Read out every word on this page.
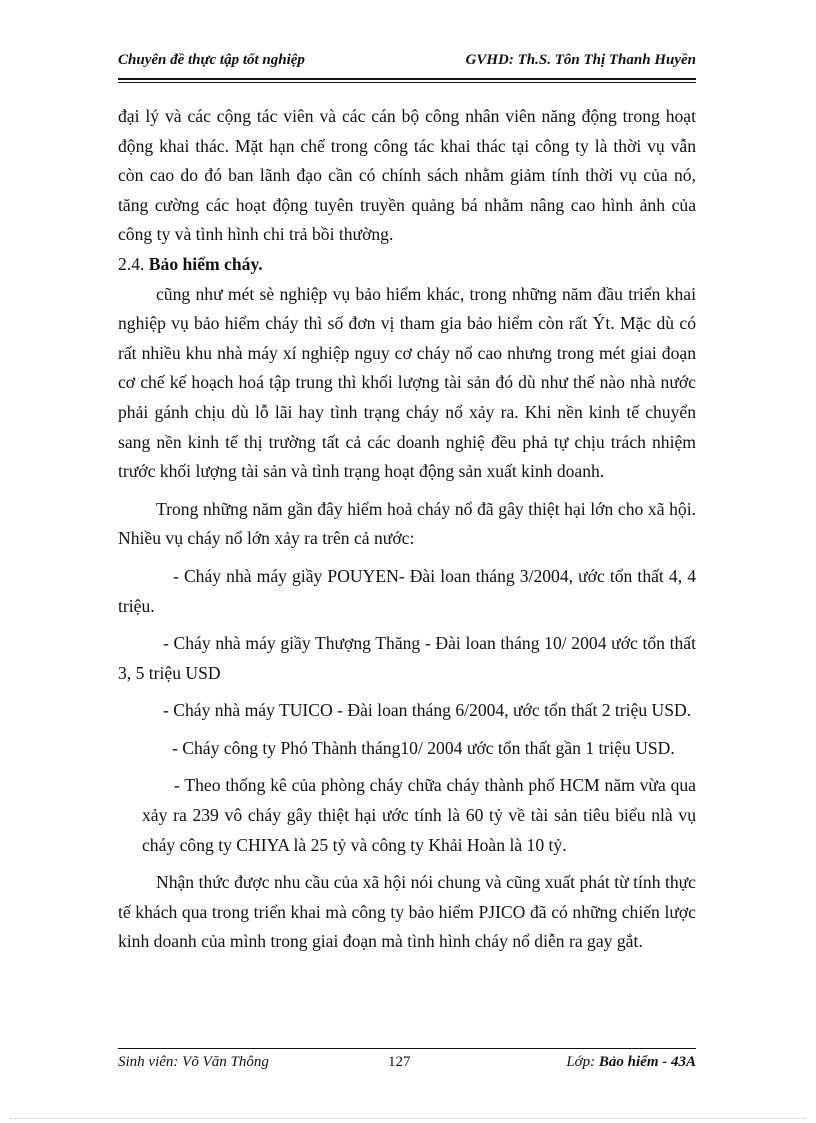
Chuyên đề thực tập tốt nghiệp	GVHD: Th.S. Tôn Thị Thanh Huyền

đại lý và các cộng tác viên và các cán bộ công nhân viên năng động trong hoạt động khai thác. Mặt hạn chế trong công tác khai thác tại công ty là thời vụ vẫn còn cao do đó ban lãnh đạo cần có chính sách nhằm giảm tính thời vụ của nó, tăng cường các hoạt động tuyên truyền quảng bá nhằm nâng cao hình ảnh của công ty và tình hình chi trả bồi thường.

2.4. Bảo hiểm cháy.

cũng như mét sè nghiệp vụ bảo hiểm khác, trong những năm đầu triển khai nghiệp vụ bảo hiểm cháy thì số đơn vị tham gia bảo hiểm còn rất Ýt. Mặc dù có rất nhiều khu nhà máy xí nghiệp nguy cơ cháy nổ cao nhưng trong mét giai đoạn cơ chế kế hoạch hoá tập trung thì khối lượng tài sản đó dù như thế nào nhà nước phải gánh chịu dù lỗ lãi hay tình trạng cháy nổ xảy ra. Khi nền kinh tế chuyển sang nền kinh tế thị trường tất cả các doanh nghiệ đều phả tự chịu trách nhiệm trước khối lượng tài sản và tình trạng hoạt động sản xuất kinh doanh.

Trong những năm gần đây hiểm hoả cháy nổ đã gây thiệt hại lớn cho xã hội. Nhiều vụ cháy nổ lớn xảy ra trên cả nước:

- Cháy nhà máy giầy POUYEN- Đài loan tháng 3/2004, ước tổn thất 4, 4 triệu.

- Cháy nhà máy giầy Thượng Thăng - Đài loan tháng 10/ 2004 ước tổn thất 3, 5 triệu USD

- Cháy nhà máy TUICO - Đài loan tháng 6/2004, ước tổn thất 2 triệu USD.

- Cháy công ty Phó Thành tháng10/ 2004 ước tổn thất gần 1 triệu USD.

- Theo thống kê của phòng cháy chữa cháy thành phố HCM năm vừa qua xảy ra 239 vô cháy gây thiệt hại ước tính là 60 tỷ về tài sản tiêu biểu nlà vụ cháy công ty CHIYA là 25 tỷ và công ty Khải Hoàn là 10 tỷ.

Nhận thức được nhu cầu của xã hội nói chung và cũng xuất phát từ tính thực tế khách qua trong triển khai mà công ty bảo hiểm PJICO đã có những chiến lược kinh doanh của mình trong giai đoạn mà tình hình cháy nổ diễn ra gay gắt.

Sinh viên: Võ Văn Thông	127	Lớp: Bảo hiểm - 43A
